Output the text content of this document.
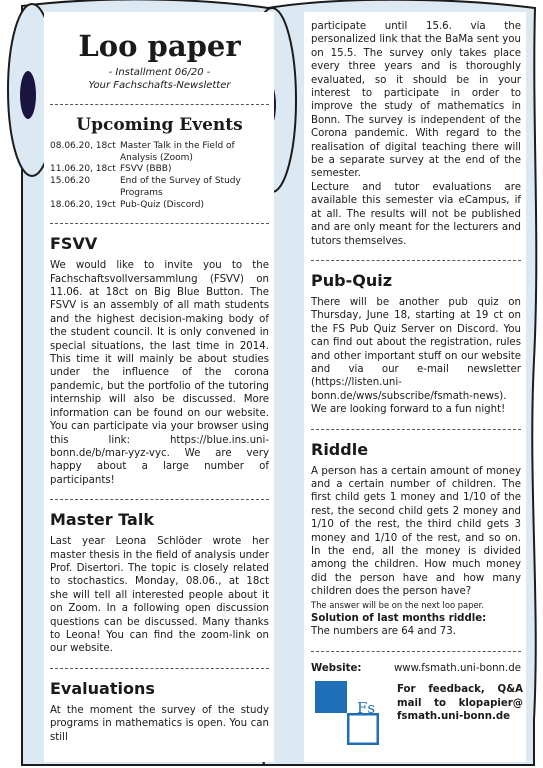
Loo paper
- Installment 06/20 -
Your Fachschafts-Newsletter
Upcoming Events
08.06.20, 18ct Master Talk in the Field of Analysis (Zoom)
11.06.20, 18ct FSVV (BBB)
15.06.20	End of the Survey of Study Programs
18.06.20, 19ct Pub-Quiz (Discord)
FSVV

We would like to invite you to the Fachschaftsvollversammlung (FSVV) on 11.06. at 18ct on Big Blue Button. The FSVV is an assembly of all math students and the highest decision-making body of the student council. It is only convened in special situations, the last time in 2014. This time it will mainly be about studies under the influence of the corona pandemic, but the portfolio of the tutoring internship will also be discussed. More information can be found on our website. You can participate via your browser using this link: https://blue.ins.uni-bonn.de/b/mar-yyz-vyc. We are very happy about a large number of participants!

Master Talk

Last year Leona Schlöder wrote her master thesis in the field of analysis under Prof. Disertori. The topic is closely related to stochastics. Monday, 08.06., at 18ct she will tell all interested people about it on Zoom. In a following open discussion questions can be discussed. Many thanks to Leona! You can find the zoom-link on our website.

Evaluations

At the moment the survey of the study programs in mathematics is open. You can still

participate until 15.6. via the personalized link that the BaMa sent you on 15.5. The survey only takes place every three years and is thoroughly evaluated, so it should be in your interest to participate in order to improve the study of mathematics in Bonn. The survey is independent of the Corona pandemic. With regard to the realisation of digital teaching there will be a separate survey at the end of the semester.

Lecture and tutor evaluations are available this semester via eCampus, if at all. The results will not be published and are only meant for the lecturers and tutors themselves.

Pub-Quiz

There will be another pub quiz on Thursday, June 18, starting at 19 ct on the FS Pub Quiz Server on Discord. You can find out about the registration, rules and other important stuff on our website and via our e-mail newsletter (https://listen.uni-bonn.de/wws/subscribe/fsmath-news). We are looking forward to a fun night!

Riddle

A person has a certain amount of money and a certain number of children. The first child gets 1 money and 1/10 of the rest, the second child gets 2 money and 1/10 of the rest, the third child gets 3 money and 1/10 of the rest, and so on. In the end, all the money is divided among the children. How much money did the person have and how many children does the person have?

The answer will be on the next loo paper.

Solution of last months riddle:

The numbers are 64 and 73.

Website:	www.fsmath.uni-bonn.de
For feedback, Q&A mail to klopapier@ fsmath.uni-bonn.de
Fs
